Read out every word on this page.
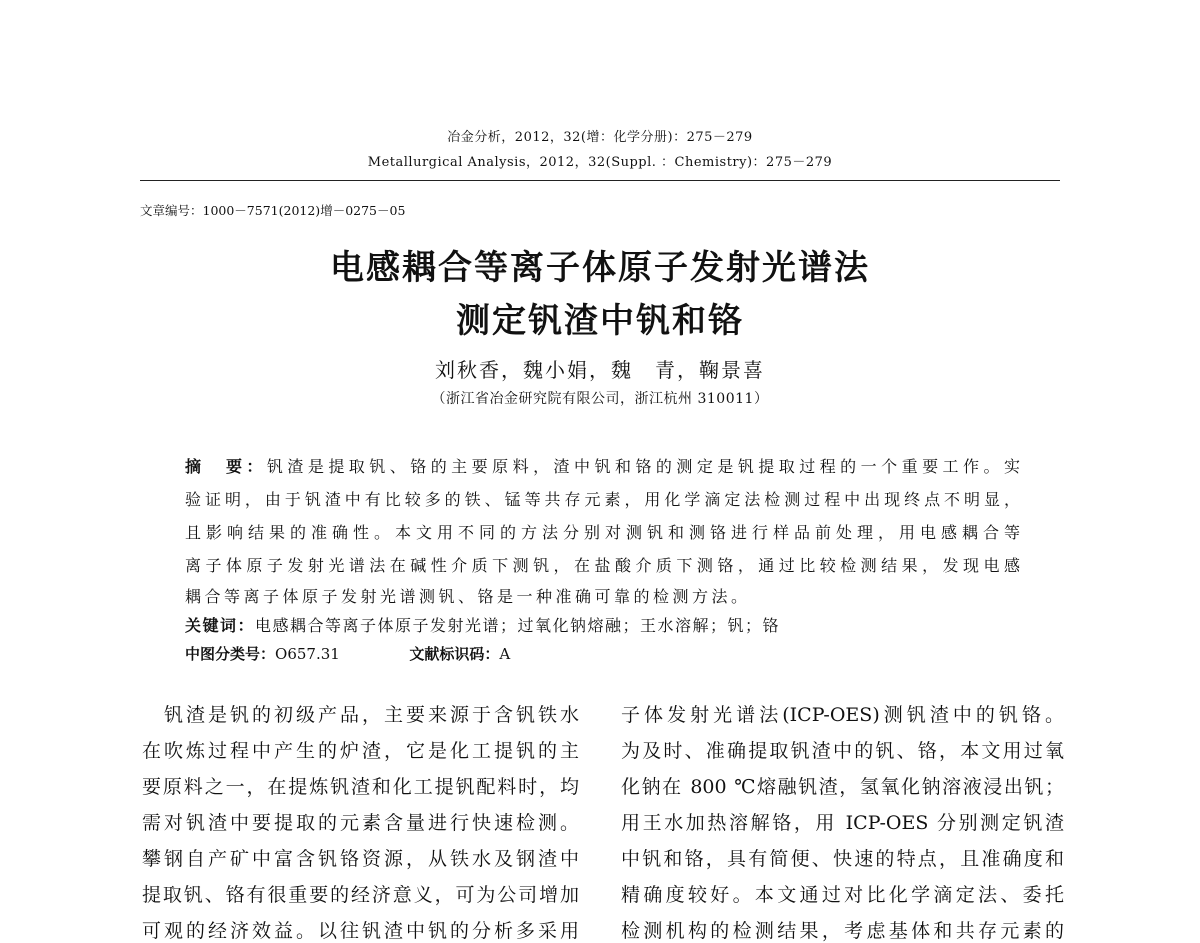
冶金分析，2012，32(增：化学分册)：275－279
Metallurgical Analysis，2012，32(Suppl. ：Chemistry)：275－279
文章编号：1000－7571(2012)增－0275－05
电感耦合等离子体原子发射光谱法
测定钒渣中钒和铬
刘秋香，魏小娟，魏　青，鞠景喜
（浙江省冶金研究院有限公司，浙江杭州 310011）
摘　要：钒渣是提取钒、铬的主要原料，渣中钒和铬的测定是钒提取过程的一个重要工作。实
验证明，由于钒渣中有比较多的铁、锰等共存元素，用化学滴定法检测过程中出现终点不明显，
且影响结果的准确性。本文用不同的方法分别对测钒和测铬进行样品前处理，用电感耦合等
离子体原子发射光谱法在碱性介质下测钒，在盐酸介质下测铬，通过比较检测结果，发现电感
耦合等离子体原子发射光谱测钒、铬是一种准确可靠的检测方法。
关键词：电感耦合等离子体原子发射光谱；过氧化钠熔融；王水溶解；钒；铬
中图分类号：O657.31	文献标识码：A
　钒渣是钒的初级产品，主要来源于含钒铁水
在吹炼过程中产生的炉渣，它是化工提钒的主
要原料之一，在提炼钒渣和化工提钒配料时，均
需对钒渣中要提取的元素含量进行快速检测。
攀钢自产矿中富含钒铬资源，从铁水及钢渣中
提取钒、铬有很重要的经济意义，可为公司增加
可观的经济效益。以往钒渣中钒的分析多采用
子体发射光谱法(ICP-OES)测钒渣中的钒铬。
为及时、准确提取钒渣中的钒、铬，本文用过氧
化钠在 800 ℃熔融钒渣，氢氧化钠溶液浸出钒；
用王水加热溶解铬，用 ICP-OES 分别测定钒渣
中钒和铬，具有简便、快速的特点，且准确度和
精确度较好。本文通过对比化学滴定法、委托
检测机构的检测结果，考虑基体和共存元素的
